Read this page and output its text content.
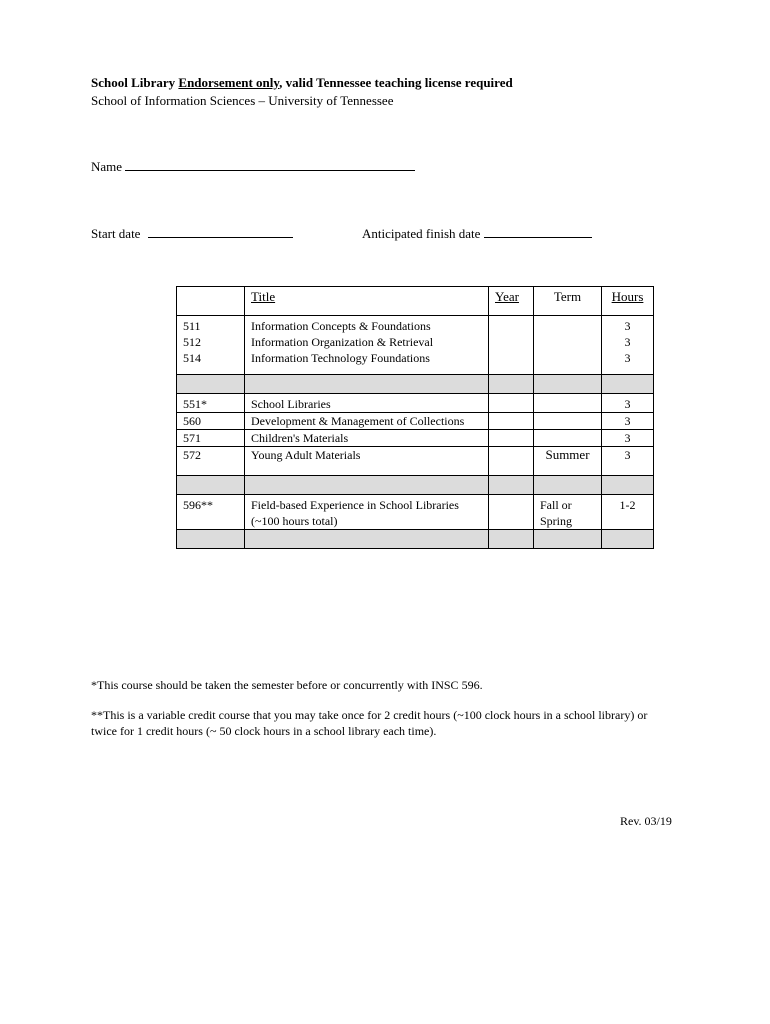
School Library Endorsement only, valid Tennessee teaching license required
School of Information Sciences – University of Tennessee
Name
Start date	Anticipated finish date
	Title	Year	Term	Hours
511	Information Concepts & Foundations			3
512	Information Organization & Retrieval			3
514	Information Technology Foundations			3

551*	School Libraries			3
560	Development & Management of Collections			3
571	Children's Materials			3
572	Young Adult Materials		Summer	3

596**	Field-based Experience in School Libraries (~100 hours total)		Fall or Spring	1-2

*This course should be taken the semester before or concurrently with INSC 596.
**This is a variable credit course that you may take once for 2 credit hours (~100 clock hours in a school library) or twice for 1 credit hours (~ 50 clock hours in a school library each time).
Rev. 03/19
